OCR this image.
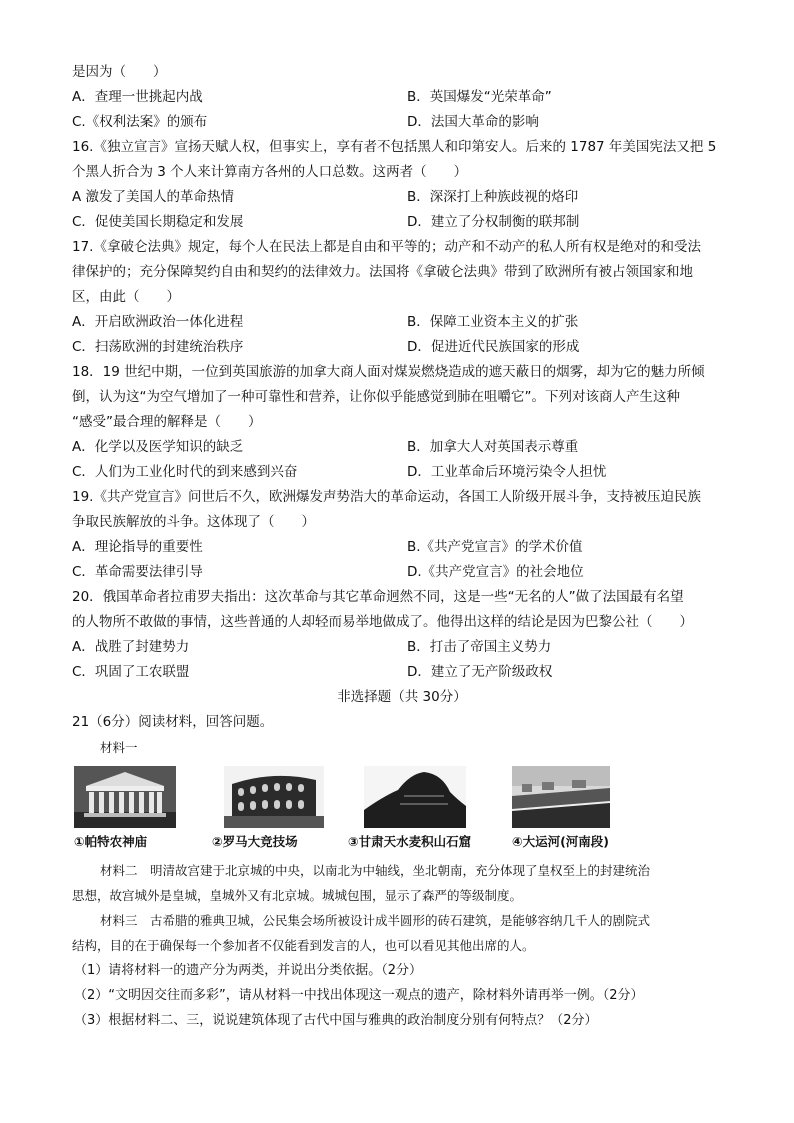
是因为（　　）
A．查理一世挑起内战	B．英国爆发“光荣革命”
C.《权利法案》的颁布	D．法国大革命的影响
16.《独立宣言》宣扬天赋人权，但事实上，享有者不包括黑人和印第安人。后来的 1787 年美国宪法又把 5
个黑人折合为 3 个人来计算南方各州的人口总数。这两者（　　）
A 激发了美国人的革命热情	B．深深打上种族歧视的烙印
C．促使美国长期稳定和发展	D．建立了分权制衡的联邦制
17.《拿破仑法典》规定，每个人在民法上都是自由和平等的；动产和不动产的私人所有权是绝对的和受法
律保护的；充分保障契约自由和契约的法律效力。法国将《拿破仑法典》带到了欧洲所有被占领国家和地
区，由此（　　）
A．开启欧洲政治一体化进程	B．保障工业资本主义的扩张
C．扫荡欧洲的封建统治秩序	D．促进近代民族国家的形成
18．19 世纪中期，一位到英国旅游的加拿大商人面对煤炭燃烧造成的遮天蔽日的烟雾，却为它的魅力所倾
倒，认为这“为空气增加了一种可靠性和营养，让你似乎能感觉到肺在咀嚼它”。下列对该商人产生这种
“感受”最合理的解释是（　　）
A．化学以及医学知识的缺乏	B．加拿大人对英国表示尊重
C．人们为工业化时代的到来感到兴奋	D．工业革命后环境污染令人担忧
19.《共产党宣言》问世后不久，欧洲爆发声势浩大的革命运动，各国工人阶级开展斗争，支持被压迫民族
争取民族解放的斗争。这体现了（　　）
A．理论指导的重要性	B.《共产党宣言》的学术价值
C．革命需要法律引导	D.《共产党宣言》的社会地位
20．俄国革命者拉甫罗夫指出：这次革命与其它革命迥然不同，这是一些“无名的人”做了法国最有名望
的人物所不敢做的事情，这些普通的人却轻而易举地做成了。他得出这样的结论是因为巴黎公社（　　）
A．战胜了封建势力	B．打击了帝国主义势力
C．巩固了工农联盟	D．建立了无产阶级政权
非选择题（共 30分）
21（6分）阅读材料，回答问题。
材料一
①帕特农神庙	②罗马大竞技场	③甘肃天水麦积山石窟	④大运河(河南段)
材料二　明清故宫建于北京城的中央，以南北为中轴线，坐北朝南，充分体现了皇权至上的封建统治
思想，故宫城外是皇城，皇城外又有北京城。城城包围，显示了森严的等级制度。
材料三　古希腊的雅典卫城，公民集会场所被设计成半圆形的砖石建筑，是能够容纳几千人的剧院式
结构，目的在于确保每一个参加者不仅能看到发言的人，也可以看见其他出席的人。
（1）请将材料一的遗产分为两类，并说出分类依据。（2分）
（2）“文明因交往而多彩”，请从材料一中找出体现这一观点的遗产，除材料外请再举一例。（2分）
（3）根据材料二、三，说说建筑体现了古代中国与雅典的政治制度分别有何特点？（2分）
